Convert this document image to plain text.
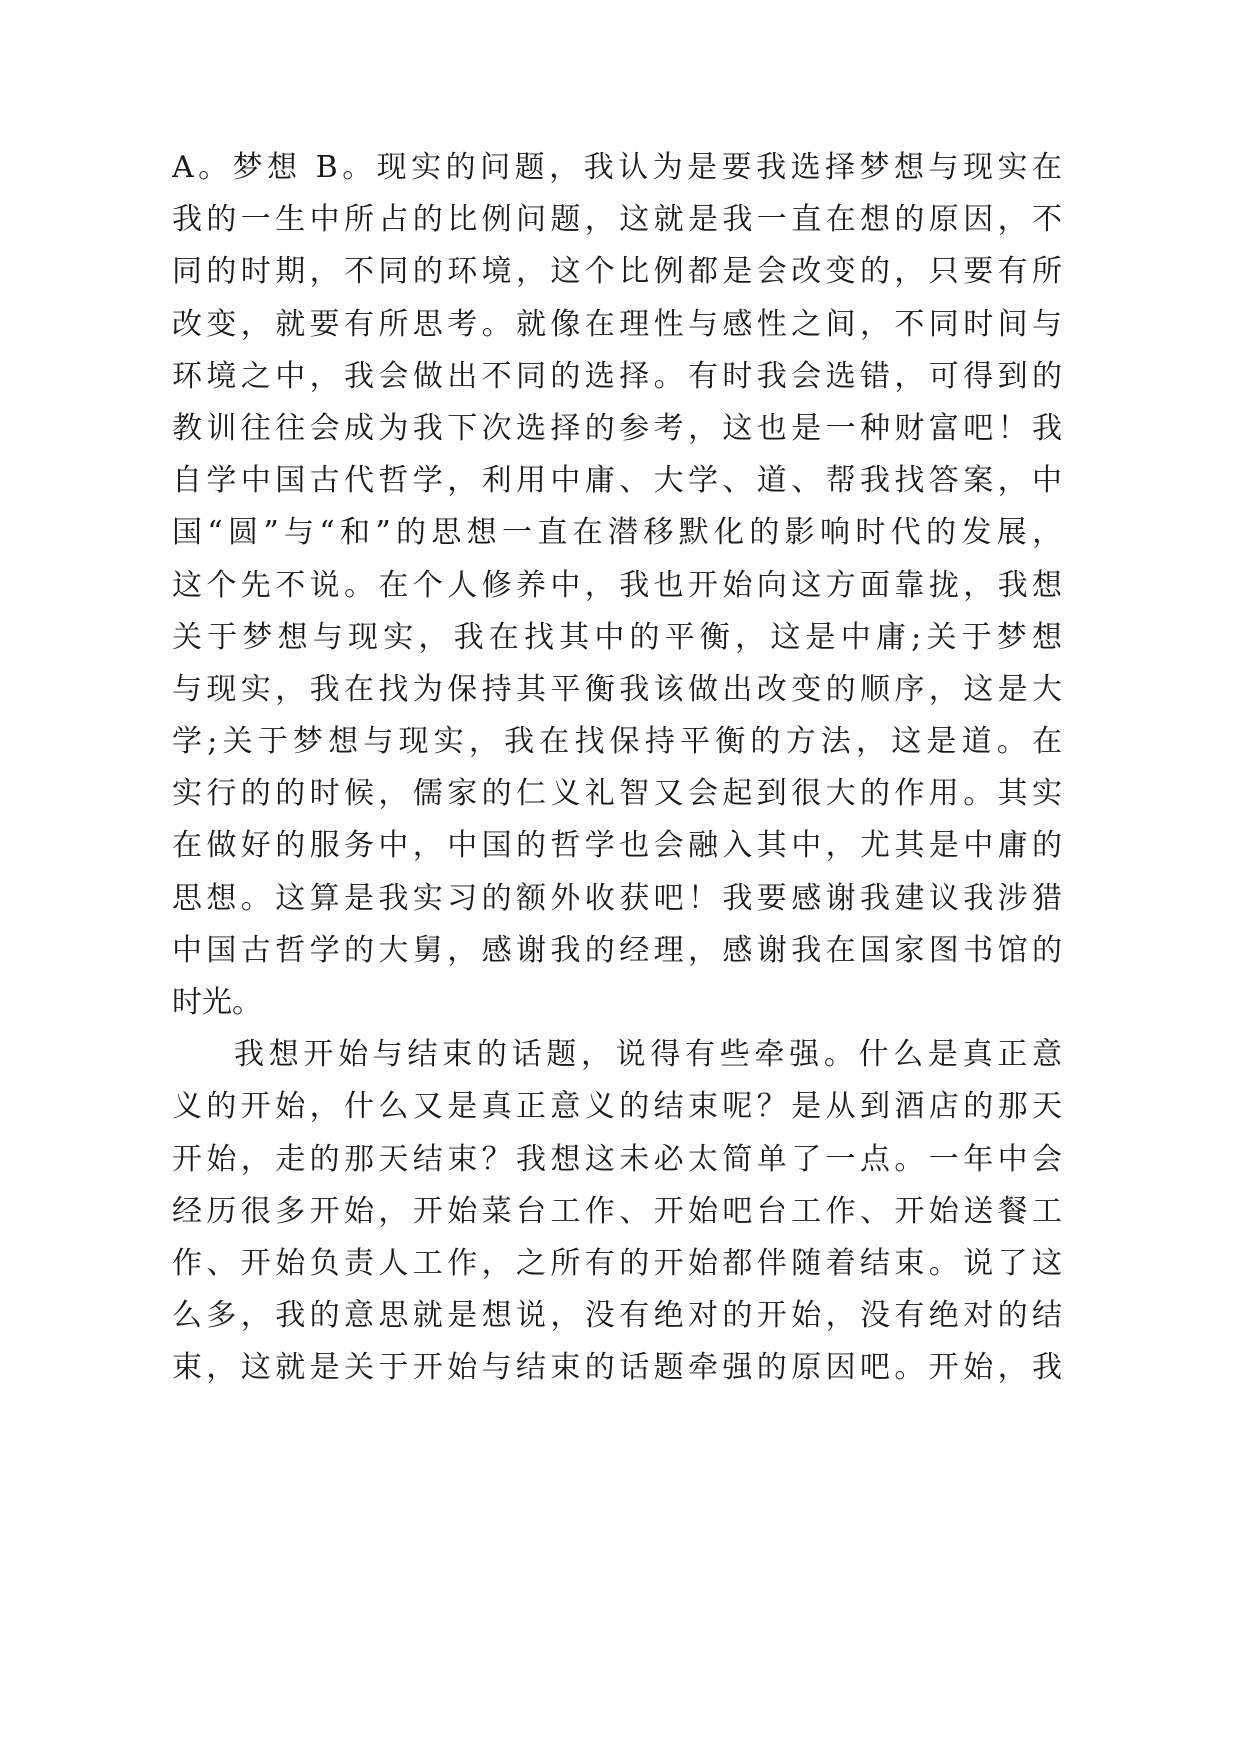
A。梦想 B。现实的问题，我认为是要我选择梦想与现实在
我的一生中所占的比例问题，这就是我一直在想的原因，不
同的时期，不同的环境，这个比例都是会改变的，只要有所
改变，就要有所思考。就像在理性与感性之间，不同时间与
环境之中，我会做出不同的选择。有时我会选错，可得到的
教训往往会成为我下次选择的参考，这也是一种财富吧！我
自学中国古代哲学，利用中庸、大学、道、帮我找答案，中
国“圆”与“和”的思想一直在潜移默化的影响时代的发展，
这个先不说。在个人修养中，我也开始向这方面靠拢，我想
关于梦想与现实，我在找其中的平衡，这是中庸;关于梦想
与现实，我在找为保持其平衡我该做出改变的顺序，这是大
学;关于梦想与现实，我在找保持平衡的方法，这是道。在
实行的的时候，儒家的仁义礼智又会起到很大的作用。其实
在做好的服务中，中国的哲学也会融入其中，尤其是中庸的
思想。这算是我实习的额外收获吧！我要感谢我建议我涉猎
中国古哲学的大舅，感谢我的经理，感谢我在国家图书馆的
时光。
我想开始与结束的话题，说得有些牵强。什么是真正意
义的开始，什么又是真正意义的结束呢？是从到酒店的那天
开始，走的那天结束？我想这未必太简单了一点。一年中会
经历很多开始，开始菜台工作、开始吧台工作、开始送餐工
作、开始负责人工作，之所有的开始都伴随着结束。说了这
么多，我的意思就是想说，没有绝对的开始，没有绝对的结
束，这就是关于开始与结束的话题牵强的原因吧。开始，我
